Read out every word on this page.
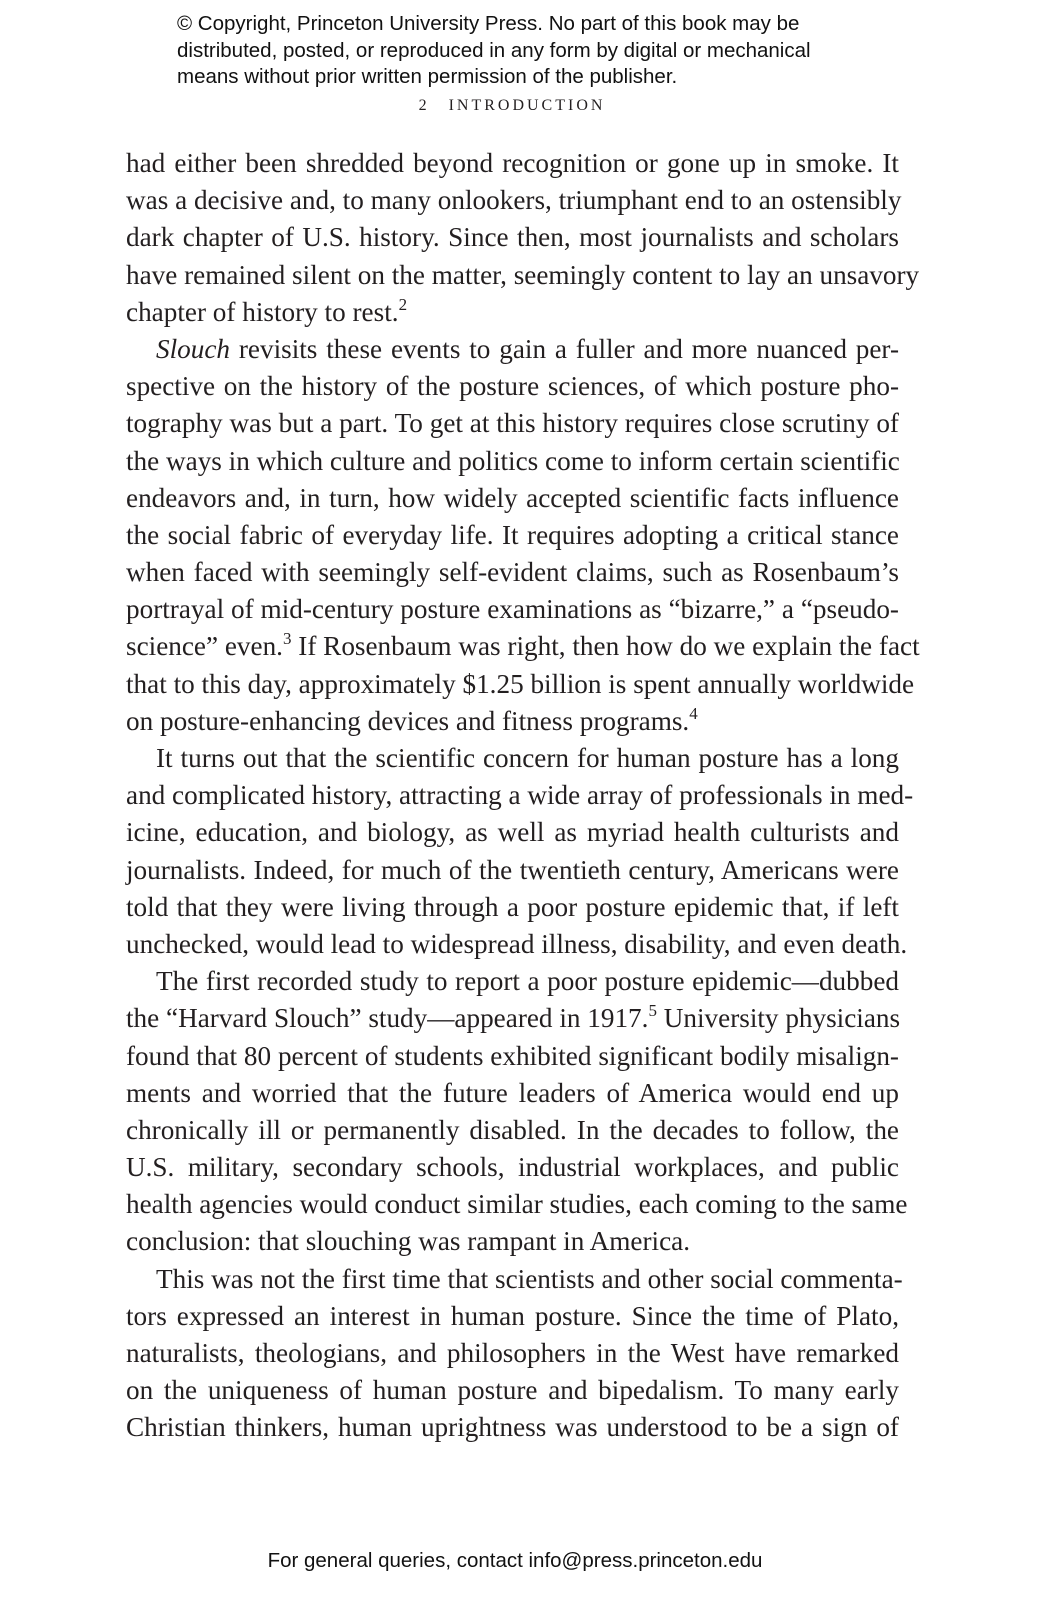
© Copyright, Princeton University Press. No part of this book may be
distributed, posted, or reproduced in any form by digital or mechanical
means without prior written permission of the publisher.
2 INTRODUCTION
had either been shredded beyond recognition or gone up in smoke. It
was a decisive and, to many onlookers, triumphant end to an ostensibly
dark chapter of U.S. history. Since then, most journalists and scholars
have remained silent on the matter, seemingly content to lay an unsavory
chapter of history to rest.$^2$
Slouch revisits these events to gain a fuller and more nuanced per-
spective on the history of the posture sciences, of which posture pho-
tography was but a part. To get at this history requires close scrutiny of
the ways in which culture and politics come to inform certain scientific
endeavors and, in turn, how widely accepted scientific facts influence
the social fabric of everyday life. It requires adopting a critical stance
when faced with seemingly self-evident claims, such as Rosenbaum’s
portrayal of mid-century posture examinations as “bizarre,” a “pseudo-
science” even.$^3$ If Rosenbaum was right, then how do we explain the fact
that to this day, approximately $1.25 billion is spent annually worldwide
on posture-enhancing devices and fitness programs.$^4$
It turns out that the scientific concern for human posture has a long
and complicated history, attracting a wide array of professionals in med-
icine, education, and biology, as well as myriad health culturists and
journalists. Indeed, for much of the twentieth century, Americans were
told that they were living through a poor posture epidemic that, if left
unchecked, would lead to widespread illness, disability, and even death.
The first recorded study to report a poor posture epidemic—dubbed
the “Harvard Slouch” study—appeared in 1917.$^5$ University physicians
found that 80 percent of students exhibited significant bodily misalign-
ments and worried that the future leaders of America would end up
chronically ill or permanently disabled. In the decades to follow, the
U.S. military, secondary schools, industrial workplaces, and public
health agencies would conduct similar studies, each coming to the same
conclusion: that slouching was rampant in America.
This was not the first time that scientists and other social commenta-
tors expressed an interest in human posture. Since the time of Plato,
naturalists, theologians, and philosophers in the West have remarked
on the uniqueness of human posture and bipedalism. To many early
Christian thinkers, human uprightness was understood to be a sign of
For general queries, contact info@press.princeton.edu
